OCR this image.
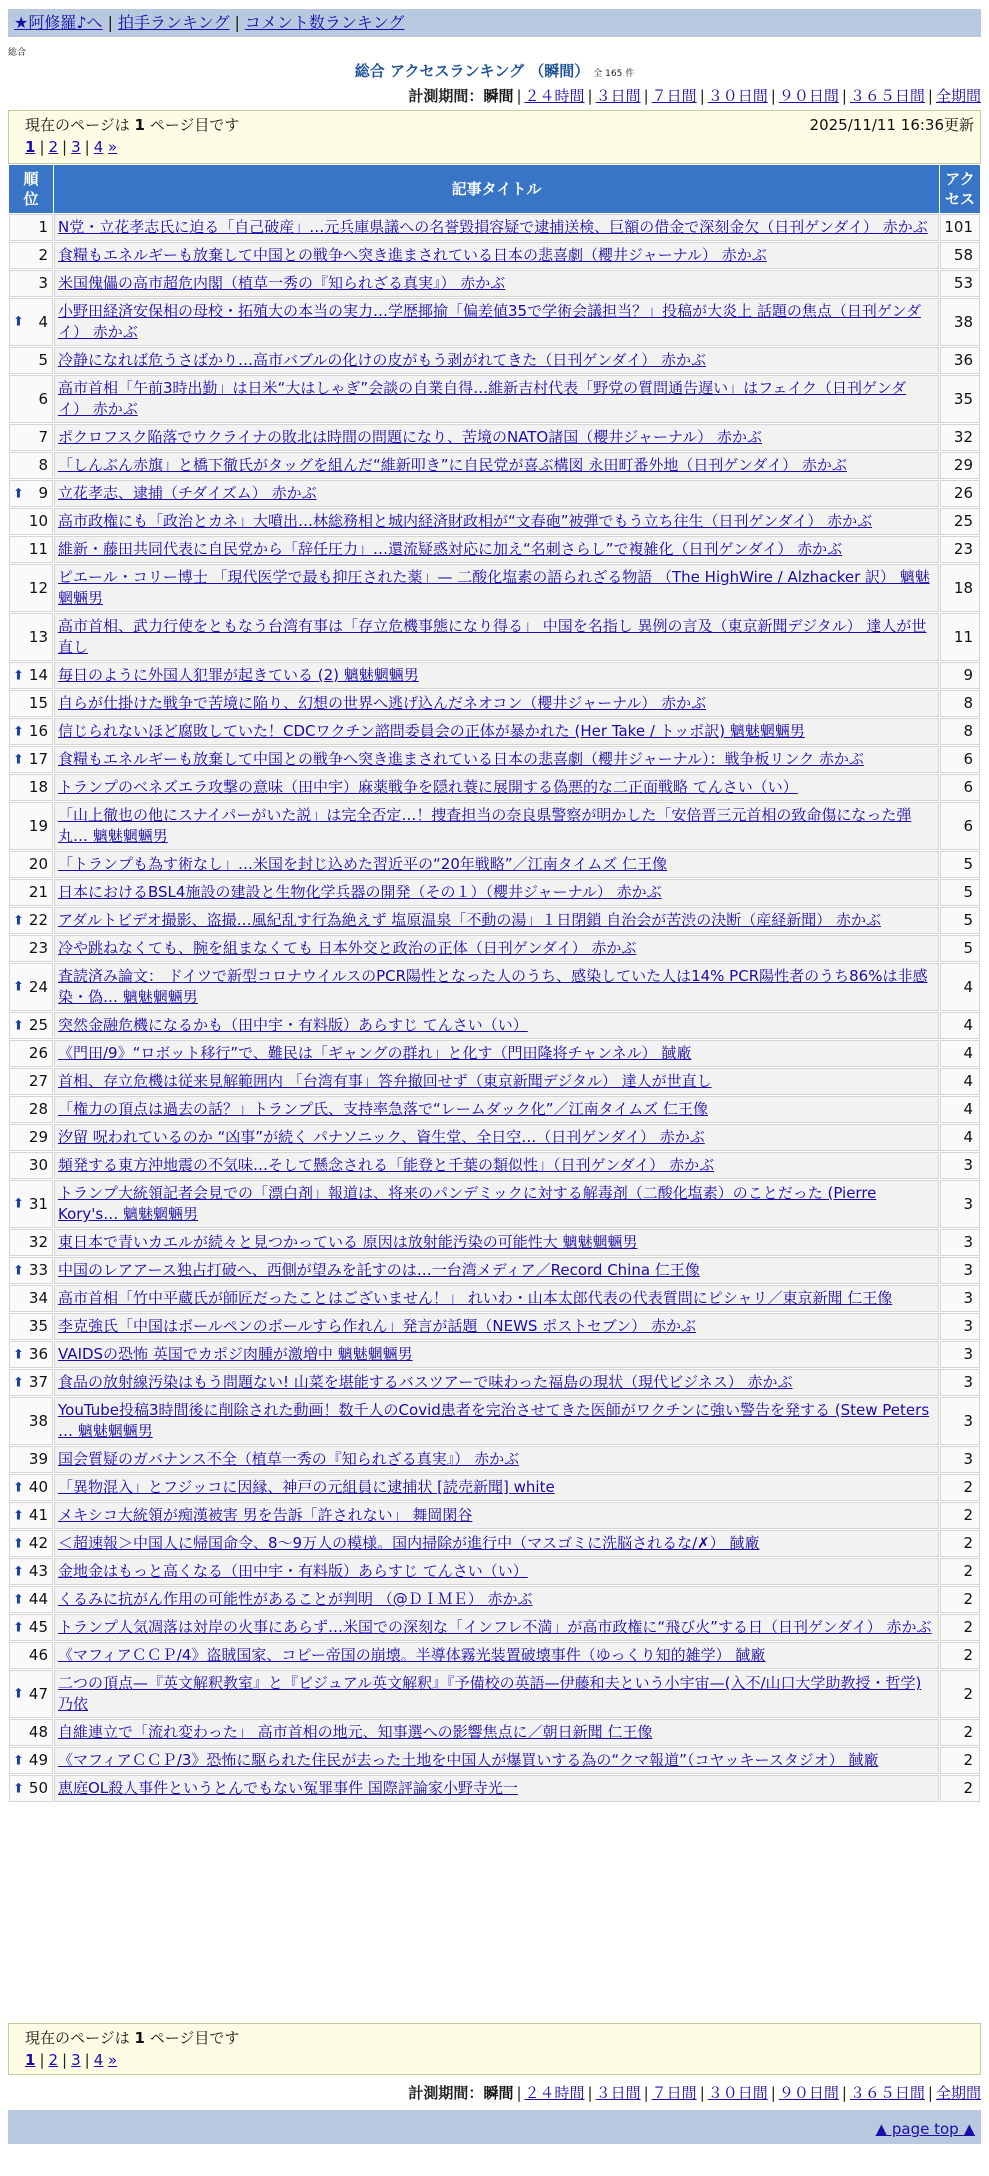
★阿修羅♪へ | 拍手ランキング | コメント数ランキング
総合
総合 アクセスランキング （瞬間） 全 165 件
計測期間：瞬間 | ２４時間 | ３日間 | ７日間 | ３０日間 | ９０日間 | ３６５日間 | 全期間
現在のページは 1 ページ目です	2025/11/11 16:36更新
1 | 2 | 3 | 4 »
順位	記事タイトル	アクセス
1	N党・立花孝志氏に迫る「自己破産」…元兵庫県議への名誉毀損容疑で逮捕送検、巨額の借金で深刻金欠（日刊ゲンダイ） 赤かぶ	101
2	食糧もエネルギーも放棄して中国との戦争へ突き進まされている日本の悲喜劇（櫻井ジャーナル） 赤かぶ	58
3	米国傀儡の高市超危内閣（植草一秀の『知られざる真実』） 赤かぶ	53

⬆ 4	小野田経済安保相の母校・拓殖大の本当の実力…学歴揶揄「偏差値35で学術会議担当？」投稿が大炎上 話題の焦点（日刊ゲンダイ） 赤かぶ	38
5	冷静になれば危うさばかり…高市バブルの化けの皮がもう剥がれてきた（日刊ゲンダイ） 赤かぶ	36
6	高市首相「午前3時出勤」は日米“大はしゃぎ”会談の自業自得…維新吉村代表「野党の質問通告遅い」はフェイク（日刊ゲンダイ） 赤かぶ	35
7	ポクロフスク陥落でウクライナの敗北は時間の問題になり、苦境のNATO諸国（櫻井ジャーナル） 赤かぶ	32
8	「しんぶん赤旗」と橋下徹氏がタッグを組んだ“維新叩き”に自民党が喜ぶ構図 永田町番外地（日刊ゲンダイ） 赤かぶ	29

⬆ 9	立花孝志、逮捕（チダイズム） 赤かぶ	26
10	高市政権にも「政治とカネ」大噴出…林総務相と城内経済財政相が“文春砲”被弾でもう立ち往生（日刊ゲンダイ） 赤かぶ	25
11	維新・藤田共同代表に自民党から「辞任圧力」…還流疑惑対応に加え“名刺さらし”で複雑化（日刊ゲンダイ） 赤かぶ	23
12	ピエール・コリー博士 「現代医学で最も抑圧された薬」— 二酸化塩素の語られざる物語 （The HighWire / Alzhacker 訳） 魑魅魍魎男	18
13	高市首相、武力行使をともなう台湾有事は「存立危機事態になり得る」 中国を名指し 異例の言及（東京新聞デジタル） 達人が世直し	11

⬆ 14	毎日のように外国人犯罪が起きている (2) 魑魅魍魎男	9
15	自らが仕掛けた戦争で苦境に陥り、幻想の世界へ逃げ込んだネオコン（櫻井ジャーナル） 赤かぶ	8

⬆ 16	信じられないほど腐敗していた！CDCワクチン諮問委員会の正体が暴かれた (Her Take / トッポ訳) 魑魅魍魎男	8

⬆ 17	食糧もエネルギーも放棄して中国との戦争へ突き進まされている日本の悲喜劇（櫻井ジャーナル）：戦争板リンク 赤かぶ	6
18	トランプのベネズエラ攻撃の意味（田中宇）麻薬戦争を隠れ蓑に展開する偽悪的な二正面戦略 てんさい（い）	6
19	「山上徹也の他にスナイパーがいた説」は完全否定…！捜査担当の奈良県警察が明かした「安倍晋三元首相の致命傷になった弾丸… 魑魅魍魎男	6
20	「トランプも為す術なし」…米国を封じ込めた習近平の“20年戦略”／江南タイムズ 仁王像	5
21	日本におけるBSL4施設の建設と生物化学兵器の開発（その１）（櫻井ジャーナル） 赤かぶ	5

⬆ 22	アダルトビデオ撮影、盗撮…風紀乱す行為絶えず 塩原温泉「不動の湯」１日閉鎖 自治会が苦渋の決断（産経新聞） 赤かぶ	5
23	冷や跳ねなくても、腕を組まなくても 日本外交と政治の正体（日刊ゲンダイ） 赤かぶ	5

⬆ 24	査読済み論文： ドイツで新型コロナウイルスのPCR陽性となった人のうち、感染していた人は14% PCR陽性者のうち86%は非感染・偽… 魑魅魍魎男	4

⬆ 25	突然金融危機になるかも（田中宇・有料版）あらすじ てんさい（い）	4
26	《門田/9》“ロボット移行”で、難民は「ギャングの群れ」と化す（門田隆将チャンネル） 馘廠	4
27	首相、存立危機は従来見解範囲内 「台湾有事」答弁撤回せず（東京新聞デジタル） 達人が世直し	4
28	「権力の頂点は過去の話？」トランプ氏、支持率急落で“レームダック化”／江南タイムズ 仁王像	4
29	汐留 呪われているのか “凶事”が続く パナソニック、資生堂、全日空…（日刊ゲンダイ） 赤かぶ	4
30	頻発する東方沖地震の不気味…そして懸念される「能登と千葉の類似性」（日刊ゲンダイ） 赤かぶ	3

⬆ 31	トランプ大統領記者会見での「漂白剤」報道は、将来のパンデミックに対する解毒剤（二酸化塩素）のことだった (Pierre Kory's… 魑魅魍魎男	3
32	東日本で青いカエルが続々と見つかっている 原因は放射能汚染の可能性大 魑魅魍魎男	3

⬆ 33	中国のレアアース独占打破へ、西側が望みを託すのは…一台湾メディア／Record China 仁王像	3
34	高市首相「竹中平蔵氏が師匠だったことはございません！」 れいわ・山本太郎代表の代表質問にピシャリ／東京新聞 仁王像	3
35	李克強氏「中国はボールペンのボールすら作れん」発言が話題（NEWS ポストセブン） 赤かぶ	3

⬆ 36	VAIDSの恐怖 英国でカポジ肉腫が激増中 魑魅魍魎男	3

⬆ 37	食品の放射線汚染はもう問題ない! 山菜を堪能するバスツアーで味わった福島の現状（現代ビジネス） 赤かぶ	3
38	YouTube投稿3時間後に削除された動画！数千人のCovid患者を完治させてきた医師がワクチンに強い警告を発する (Stew Peters … 魑魅魍魎男	3
39	国会質疑のガバナンス不全（植草一秀の『知られざる真実』） 赤かぶ	3

⬆ 40	「異物混入」とフジッコに因縁、神戸の元組員に逮捕状 [読売新聞] white	2

⬆ 41	メキシコ大統領が痴漢被害 男を告訴「許されない」 舞岡閑谷	2

⬆ 42	＜超速報＞中国人に帰国命令、8～9万人の模様。国内掃除が進行中（マスゴミに洗脳されるな/✗） 馘廠	2

⬆ 43	金地金はもっと高くなる（田中宇・有料版）あらすじ てんさい（い）	2

⬆ 44	くるみに抗がん作用の可能性があることが判明 （@ＤＩＭＥ） 赤かぶ	2

⬆ 45	トランプ人気凋落は対岸の火事にあらず…米国での深刻な「インフレ不満」が高市政権に“飛び火”する日（日刊ゲンダイ） 赤かぶ	2
46	《マフィアＣＣＰ/4》盗賊国家、コピー帝国の崩壊。半導体霧光装置破壊事件（ゆっくり知的雑学） 馘廠	2

⬆ 47	二つの頂点—『英文解釈教室』と『ビジュアル英文解釈』『予備校の英語—伊藤和夫という小宇宙—(入不/山口大学助教授・哲学) 乃依	2
48	自維連立で「流れ変わった」 高市首相の地元、知事選への影響焦点に／朝日新聞 仁王像	2

⬆ 49	《マフィアＣＣＰ/3》恐怖に駆られた住民が去った土地を中国人が爆買いする為の“クマ報道”（コヤッキースタジオ） 馘廠	2

⬆ 50	恵庭OL殺人事件というとんでもない冤罪事件 国際評論家小野寺光一	2
現在のページは 1 ページ目です
1 | 2 | 3 | 4 »
計測期間：瞬間 | ２４時間 | ３日間 | ７日間 | ３０日間 | ９０日間 | ３６５日間 | 全期間
▲ page top ▲
